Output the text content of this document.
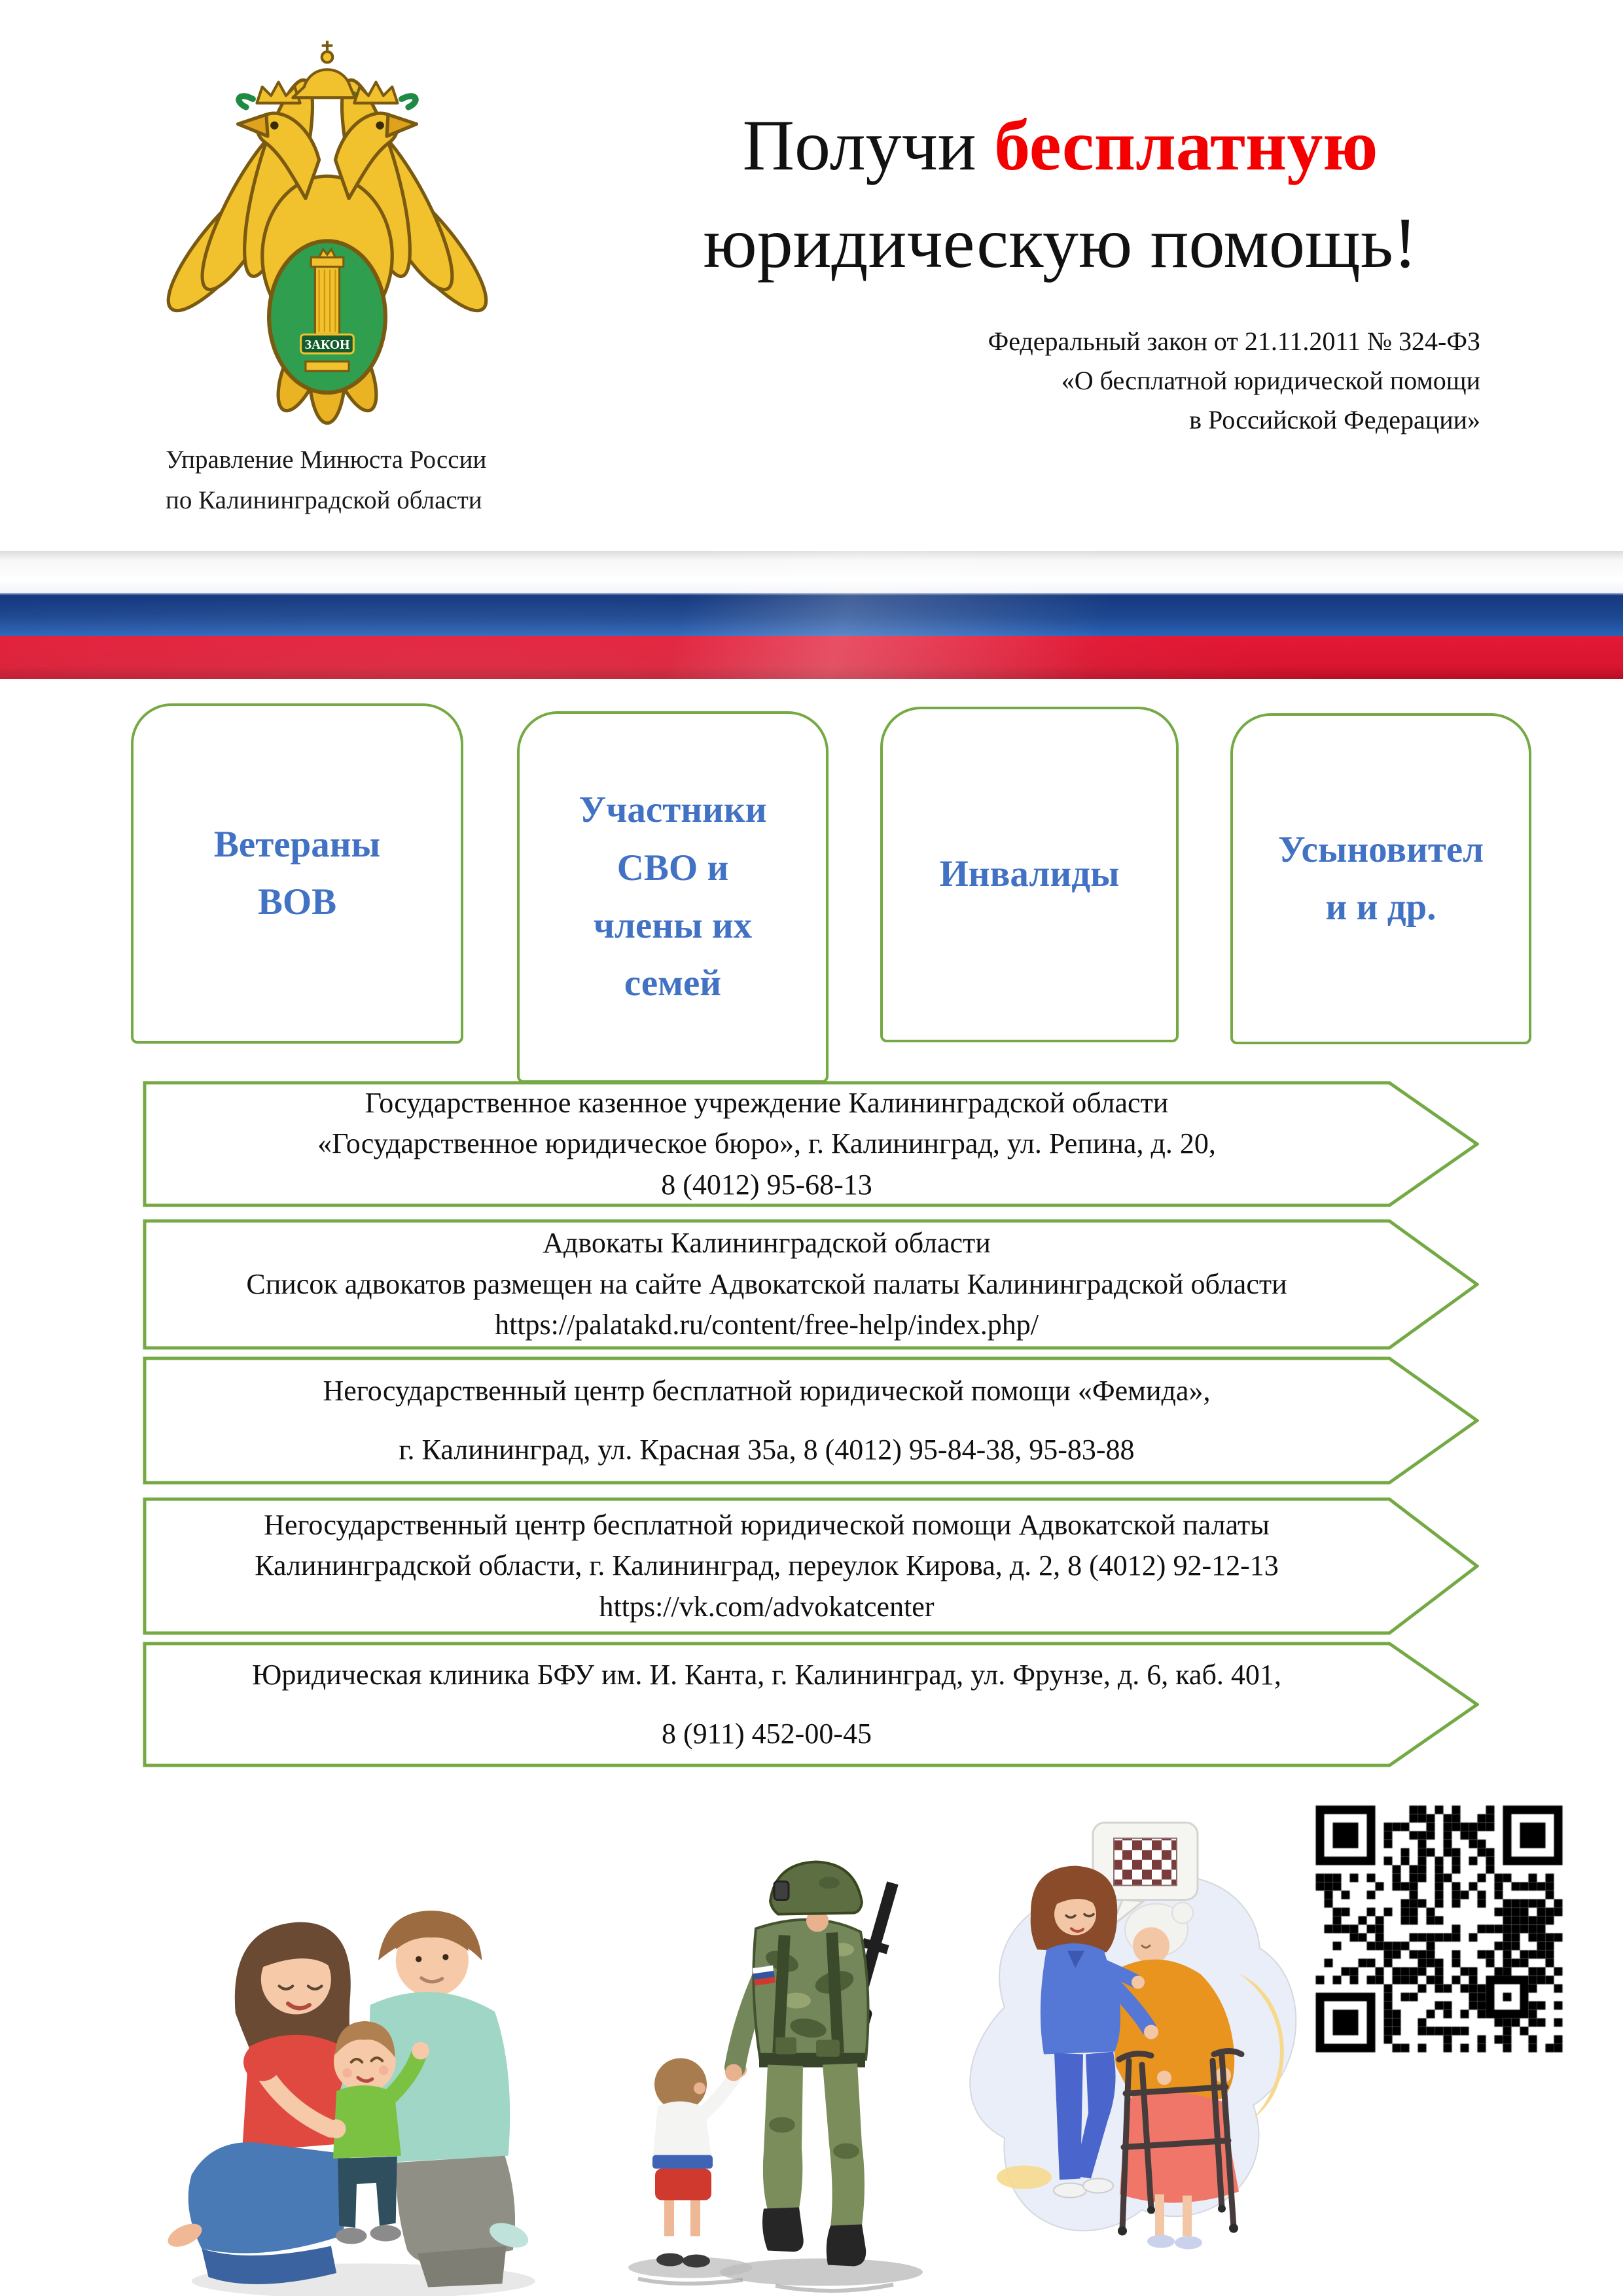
ЗАКОН
Управление Минюста России
по Калининградской области
Получи бесплатную
юридическую помощь!
Федеральный закон от 21.11.2011 № 324-ФЗ
«О бесплатной юридической помощи
в Российской Федерации»
Ветераны
ВОВ
Участники
СВО и
члены их
семей
Инвалиды
Усыновител
и и др.
Государственное казенное учреждение Калининградской области
«Государственное юридическое бюро», г. Калининград, ул. Репина, д. 20,
8 (4012) 95-68-13
Адвокаты Калининградской области
Список адвокатов размещен на сайте Адвокатской палаты Калининградской области
https://palatakd.ru/content/free-help/index.php/
Негосударственный центр бесплатной юридической помощи «Фемида»,
г. Калининград, ул. Красная 35а, 8 (4012) 95-84-38, 95-83-88
Негосударственный центр бесплатной юридической помощи Адвокатской палаты
Калининградской области, г. Калининград, переулок Кирова, д. 2, 8 (4012) 92-12-13
https://vk.com/advokatcenter
Юридическая клиника БФУ им. И. Канта, г. Калининград, ул. Фрунзе, д. 6, каб. 401,
8 (911) 452-00-45
